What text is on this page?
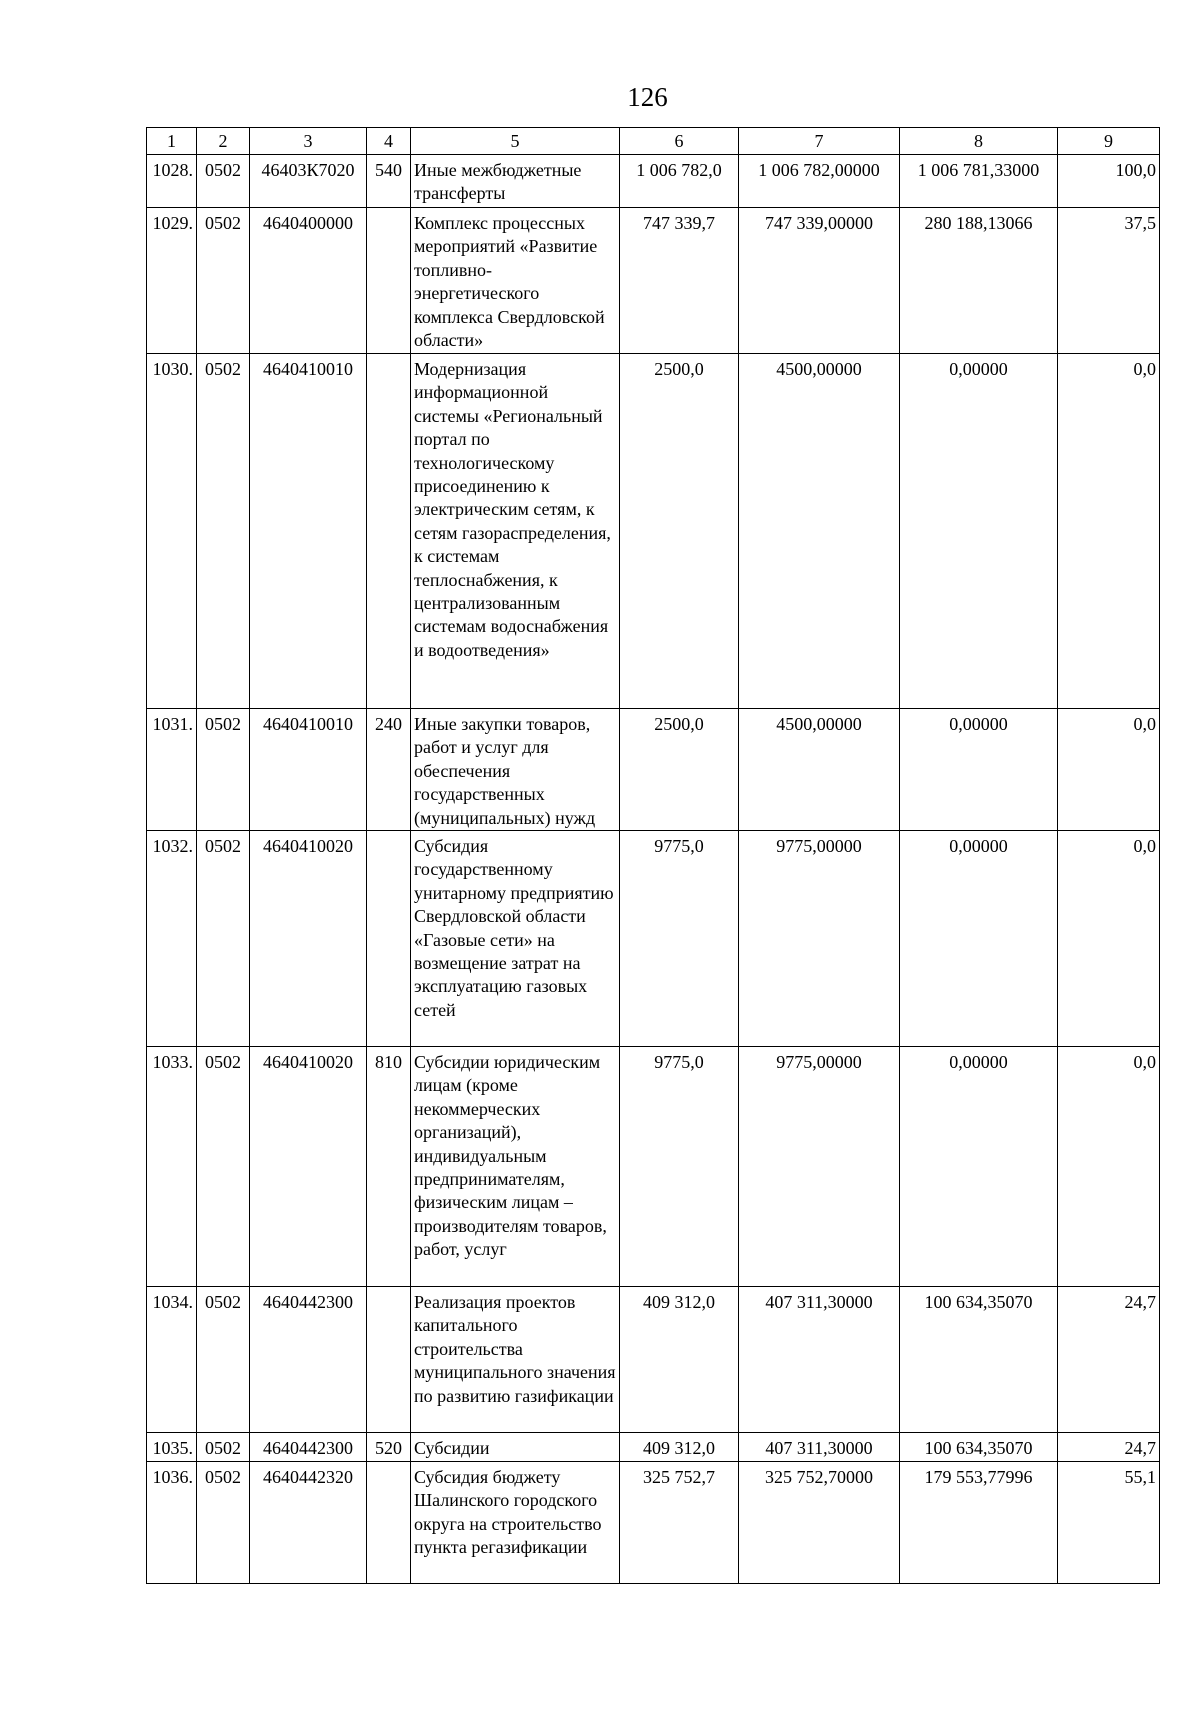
126
1	2	3	4	5	6	7	8	9
1028.	0502	46403К7020	540	Иные межбюджетные трансферты	1 006 782,0	1 006 782,00000	1 006 781,33000	100,0
1029.	0502	4640400000		Комплекс процессных мероприятий «Развитие топливно-энергетического комплекса Свердловской области»	747 339,7	747 339,00000	280 188,13066	37,5
1030.	0502	4640410010		Модернизация информационной системы «Региональный портал по технологическому присоединению к электрическим сетям, к сетям газораспределения, к системам теплоснабжения, к централизованным системам водоснабжения и водоотведения»	2500,0	4500,00000	0,00000	0,0
1031.	0502	4640410010	240	Иные закупки товаров, работ и услуг для обеспечения государственных (муниципальных) нужд	2500,0	4500,00000	0,00000	0,0
1032.	0502	4640410020		Субсидия государственному унитарному предприятию Свердловской области «Газовые сети» на возмещение затрат на эксплуатацию газовых сетей	9775,0	9775,00000	0,00000	0,0
1033.	0502	4640410020	810	Субсидии юридическим лицам (кроме некоммерческих организаций), индивидуальным предпринимателям, физическим лицам – производителям товаров, работ, услуг	9775,0	9775,00000	0,00000	0,0
1034.	0502	4640442300		Реализация проектов капитального строительства муниципального значения по развитию газификации	409 312,0	407 311,30000	100 634,35070	24,7
1035.	0502	4640442300	520	Субсидии	409 312,0	407 311,30000	100 634,35070	24,7
1036.	0502	4640442320		Субсидия бюджету Шалинского городского округа на строительство пункта регазификации	325 752,7	325 752,70000	179 553,77996	55,1
